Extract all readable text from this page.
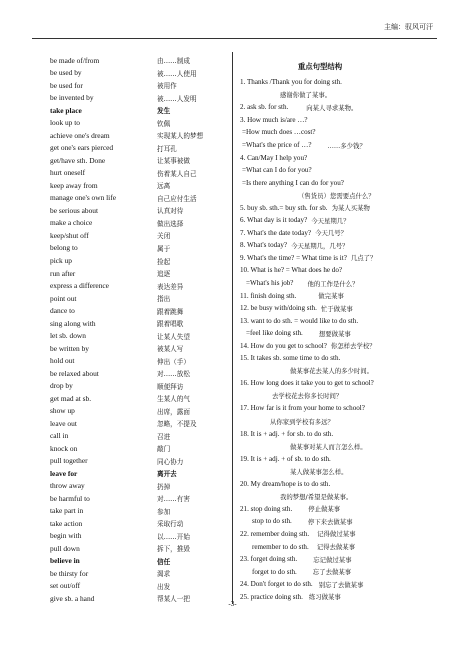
主编：驭风可汗
be made of/from	由……制成
be used by	被……人使用
be used for	被用作
be invented by	被……人发明
take place	发生
look up to	钦佩
achieve one's dream	实现某人的梦想
get one's ears pierced	打耳孔
get/have sth. Done	让某事被做
hurt oneself	伤着某人自己
keep away from	远离
manage one's own life	自己应付生活
be serious about	认真对待
make a choice	做出选择
keep/shut off	关闭
belong to	属于
pick up	捡起
run after	追逐
express a difference	表达差异
point out	指出
dance to	跟着跳舞
sing along with	跟着唱歌
let sb. down	让某人失望
be written by	被某人写
hold out	伸出（手）
be relaxed about	对……放松
drop by	顺便拜访
get mad at sb.	生某人的气
show up	出席，露面
leave out	忽略，不提及
call in	召进
knock on	敲门
pull together	同心协力
leave for	离开去
throw away	扔掉
be harmful to	对……有害
take part in	参加
take action	采取行动
begin with	以……开始
pull down	拆下，推毁
believe in	信任
be thirsty for	渴求
set out/off	出发
give sb. a hand	帮某人一把
重点句型结构
1. Thanks /Thank you for doing sth.
感谢你做了某事。
2. ask sb. for sth.	向某人寻求某物。
3. How much is/are …?
=How much does …cost?
=What's the price of …?	……多少钱？
4. Can/May I help you?
=What can I do for you?
=Is there anything I can do for you?
（售货员）您需要点什么？
5. buy sb. sth.= buy sth. for sb. 为某人买某物
6. What day is it today? 今天星期几？
7. What's the date today? 今天几号？
8. What's today? 今天星期几，几号？
9. What's the time? = What time is it? 几点了？
10. What is he? = What does he do?
=What's his job? 他的工作是什么？
11. finish doing sth.	做完某事
12. be busy with/doing sth. 忙于做某事
13. want to do sth. = would like to do sth.
=feel like doing sth.	想要做某事
14. How do you get to school? 你怎样去学校？
15. It takes sb. some time to do sth.
做某事花去某人的多少时间。
16. How long does it take you to get to school?
去学校花去你多长时间？
17. How far is it from your home to school?
从你家到学校有多远？
18. It is + adj. + for sb. to do sth.
做某事对某人而言怎么样。
19. It is + adj. + of sb. to do sth.
某人做某事怎么样。
20. My dream/hope is to do sth.
我的梦想/希望是做某事。
21. stop doing sth.	停止做某事
stop to do sth.	停下来去做某事
22. remember doing sth. 记得做过某事
remember to do sth. 记得去做某事
23. forget doing sth.	忘记做过某事
forget to do sth.	忘了去做某事
24. Don't forget to do sth. 别忘了去做某事
25. practice doing sth. 练习做某事
-3-
